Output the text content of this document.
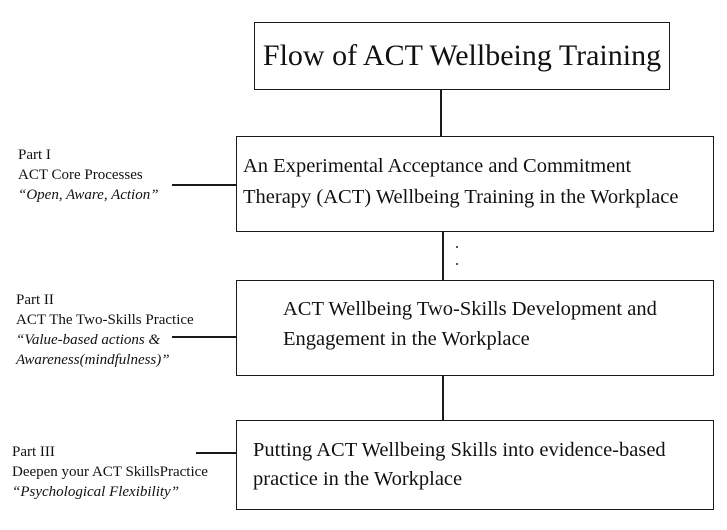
Flow of ACT Wellbeing Training
An Experimental Acceptance and Commitment
Therapy (ACT) Wellbeing Training in the Workplace
ACT Wellbeing Two-Skills Development and
Engagement in the Workplace
Putting ACT Wellbeing Skills into evidence-based
practice in the Workplace
Part I
ACT Core Processes
“Open, Aware, Action”
Part II
ACT The Two-Skills Practice
“Value-based actions &
Awareness(mindfulness)”
Part III
Deepen your ACT SkillsPractice
“Psychological Flexibility”
